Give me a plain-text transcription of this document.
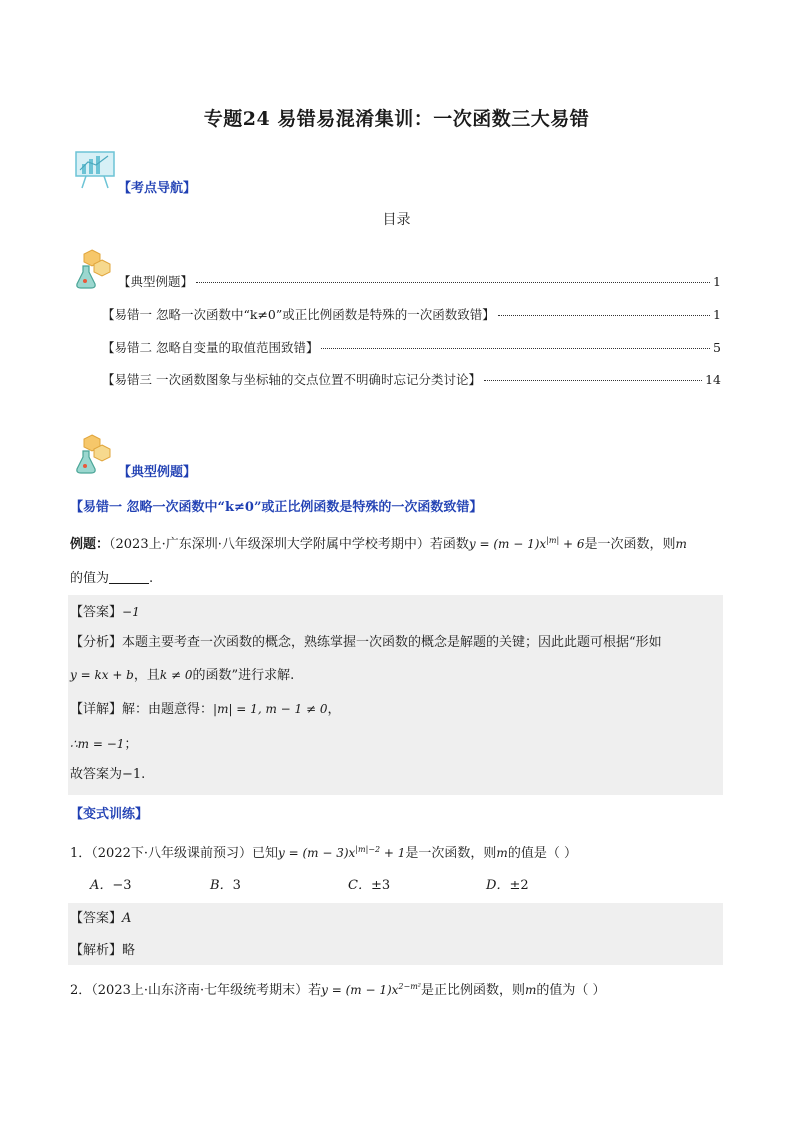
专题24 易错易混淆集训：一次函数三大易错
【考点导航】
目录
【典型例题】	1
【易错一 忽略一次函数中“k≠0”或正比例函数是特殊的一次函数致错】	1
【易错二 忽略自变量的取值范围致错】	5
【易错三 一次函数图象与坐标轴的交点位置不明确时忘记分类讨论】	14
【典型例题】
【易错一 忽略一次函数中“k≠0”或正比例函数是特殊的一次函数致错】
例题：（2023上·广东深圳·八年级深圳大学附属中学校考期中）若函数$y = (m - 1)x^{|m|} + 6$是一次函数，则m
的值为	.
【答案】−1
【分析】本题主要考查一次函数的概念，熟练掌握一次函数的概念是解题的关键；因此此题可根据“形如
y = kx + b，且k ≠ 0的函数”进行求解.
【详解】解：由题意得：|m| = 1, m − 1 ≠ 0，
∴m = −1；
故答案为−1.
【变式训练】
1．（2022下·八年级课前预习）已知$y = (m - 3)x^{|m|-2} + 1$是一次函数，则m的值是（ ）
A．−3	B．3	C．±3	D．±2
【答案】A
【解析】略
2．（2023上·山东济南·七年级统考期末）若$y = (m - 1)x^{2-m^2}$是正比例函数，则m的值为（ ）
